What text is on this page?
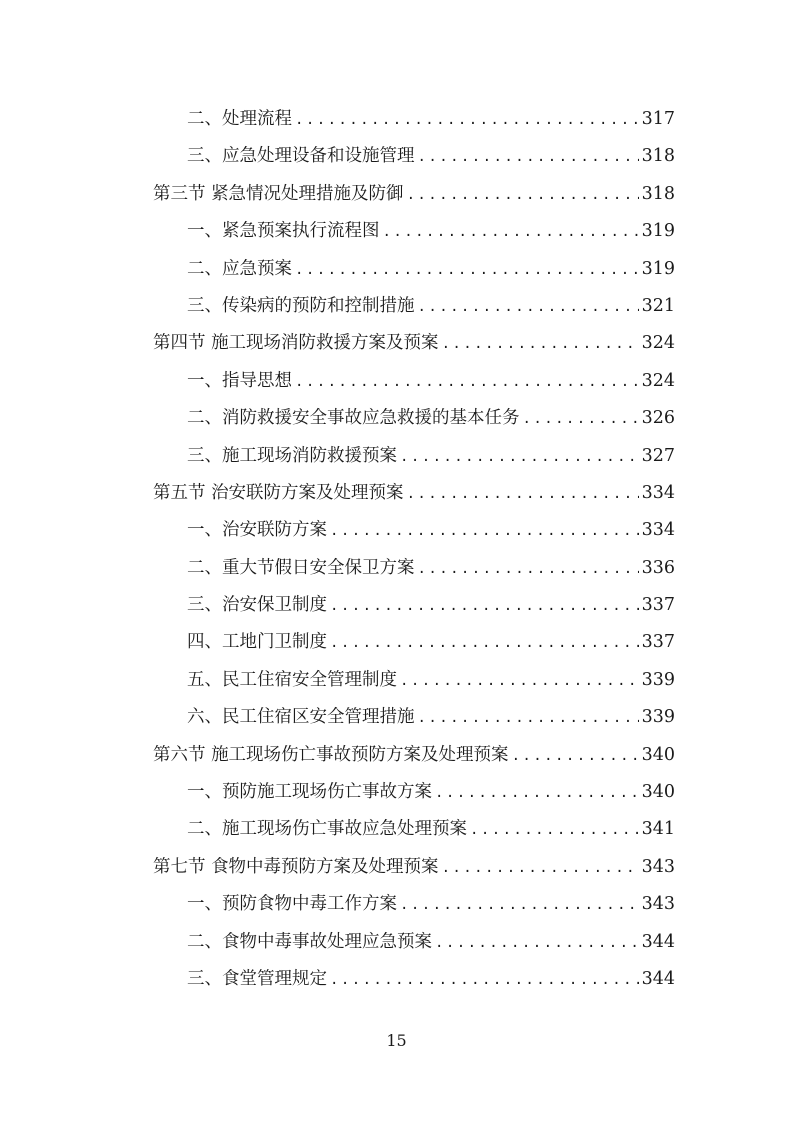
二、处理流程 . . .	317
三、应急处理设备和设施管理 . . .	318
第三节 紧急情况处理措施及防御 . . .	318
一、紧急预案执行流程图 . . .	319
二、应急预案 . . .	319
三、传染病的预防和控制措施 . . .	321
第四节 施工现场消防救援方案及预案 . . .	324
一、指导思想 . . .	324
二、消防救援安全事故应急救援的基本任务 . . .	326
三、施工现场消防救援预案 . . .	327
第五节 治安联防方案及处理预案 . . .	334
一、治安联防方案 . . .	334
二、重大节假日安全保卫方案 . . .	336
三、治安保卫制度 . . .	337
四、工地门卫制度 . . .	337
五、民工住宿安全管理制度 . . .	339
六、民工住宿区安全管理措施 . . .	339
第六节 施工现场伤亡事故预防方案及处理预案 . . .	340
一、预防施工现场伤亡事故方案 . . .	340
二、施工现场伤亡事故应急处理预案 . . .	341
第七节 食物中毒预防方案及处理预案 . . .	343
一、预防食物中毒工作方案 . . .	343
二、食物中毒事故处理应急预案 . . .	344
三、食堂管理规定 . . .	344
15
